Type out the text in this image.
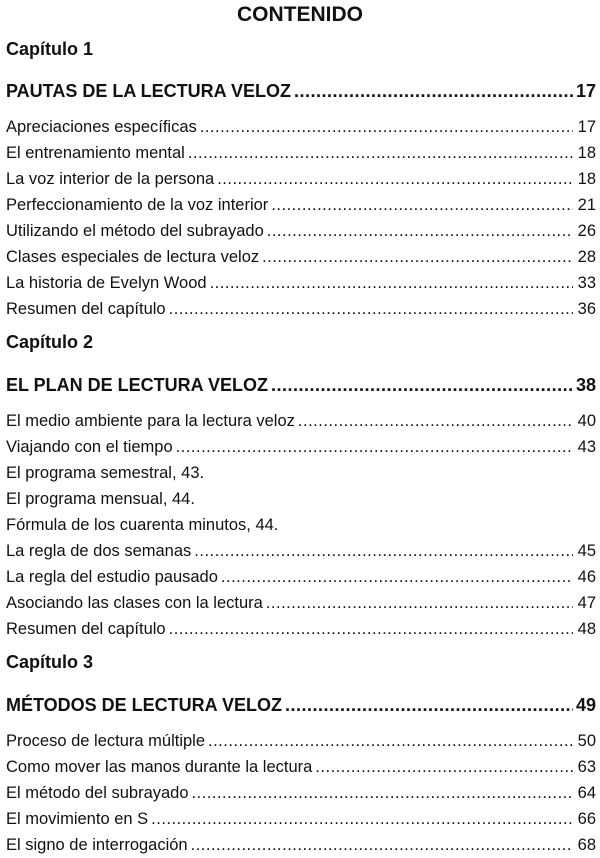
CONTENIDO
Capítulo 1
PAUTAS DE LA LECTURA VELOZ .....	17
Apreciaciones específicas .....	17
El entrenamiento mental .....	18
La voz interior de la persona .....	18
Perfeccionamiento de la voz interior .....	21
Utilizando el método del subrayado .....	26
Clases especiales de lectura veloz .....	28
La historia de Evelyn Wood .....	33
Resumen del capítulo .....	36
Capítulo 2
EL PLAN DE LECTURA VELOZ .....	38
El medio ambiente para la lectura veloz .....	40
Viajando con el tiempo .....	43
El programa semestral, 43.
El programa mensual, 44.
Fórmula de los cuarenta minutos, 44.
La regla de dos semanas .....	45
La regla del estudio pausado .....	46
Asociando las clases con la lectura .....	47
Resumen del capítulo .....	48
Capítulo 3
MÉTODOS DE LECTURA VELOZ .....	49
Proceso de lectura múltiple .....	50
Como mover las manos durante la lectura .....	63
El método del subrayado .....	64
El movimiento en S .....	66
El signo de interrogación .....	68
